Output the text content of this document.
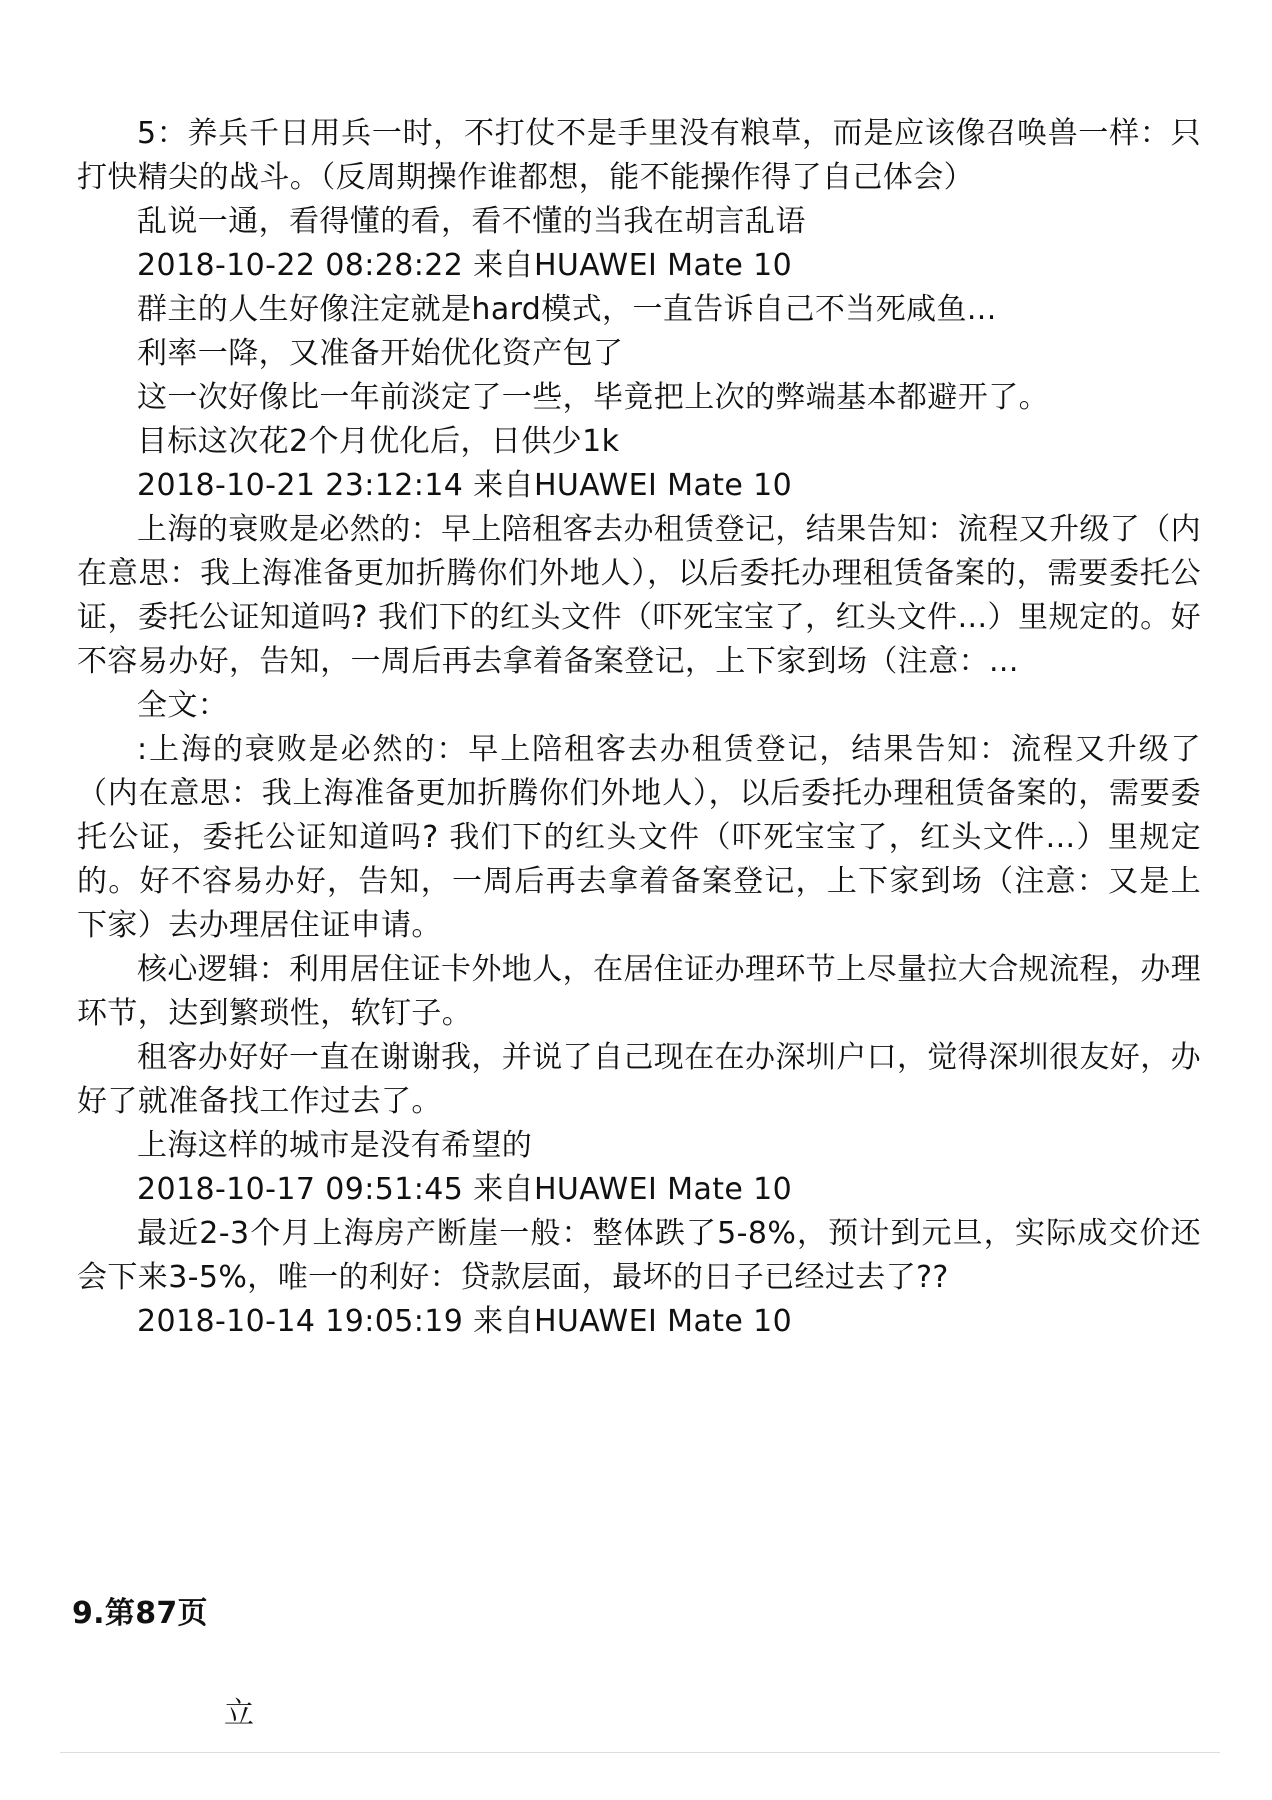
5：养兵千日用兵一时，不打仗不是手里没有粮草，而是应该像召唤兽一样：只打快精尖的战斗。（反周期操作谁都想，能不能操作得了自己体会）

乱说一通，看得懂的看，看不懂的当我在胡言乱语

2018-10-22 08:28:22 来自HUAWEI Mate 10

群主的人生好像注定就是hard模式，一直告诉自己不当死咸鱼...

利率一降，又准备开始优化资产包了

这一次好像比一年前淡定了一些，毕竟把上次的弊端基本都避开了。

目标这次花2个月优化后，日供少1k

2018-10-21 23:12:14 来自HUAWEI Mate 10

上海的衰败是必然的：早上陪租客去办租赁登记，结果告知：流程又升级了（内在意思：我上海准备更加折腾你们外地人），以后委托办理租赁备案的，需要委托公证，委托公证知道吗? 我们下的红头文件（吓死宝宝了，红头文件...）里规定的。好不容易办好，告知，一周后再去拿着备案登记，上下家到场（注意：...

全文：

:上海的衰败是必然的：早上陪租客去办租赁登记，结果告知：流程又升级了（内在意思：我上海准备更加折腾你们外地人），以后委托办理租赁备案的，需要委托公证，委托公证知道吗? 我们下的红头文件（吓死宝宝了，红头文件...）里规定的。好不容易办好，告知，一周后再去拿着备案登记，上下家到场（注意：又是上下家）去办理居住证申请。

核心逻辑：利用居住证卡外地人，在居住证办理环节上尽量拉大合规流程，办理环节，达到繁琐性，软钉子。

租客办好好一直在谢谢我，并说了自己现在在办深圳户口，觉得深圳很友好，办好了就准备找工作过去了。

上海这样的城市是没有希望的

2018-10-17 09:51:45 来自HUAWEI Mate 10

最近2-3个月上海房产断崖一般：整体跌了5-8%，预计到元旦，实际成交价还会下来3-5%，唯一的利好：贷款层面，最坏的日子已经过去了??

2018-10-14 19:05:19 来自HUAWEI Mate 10

9.第87页
立
